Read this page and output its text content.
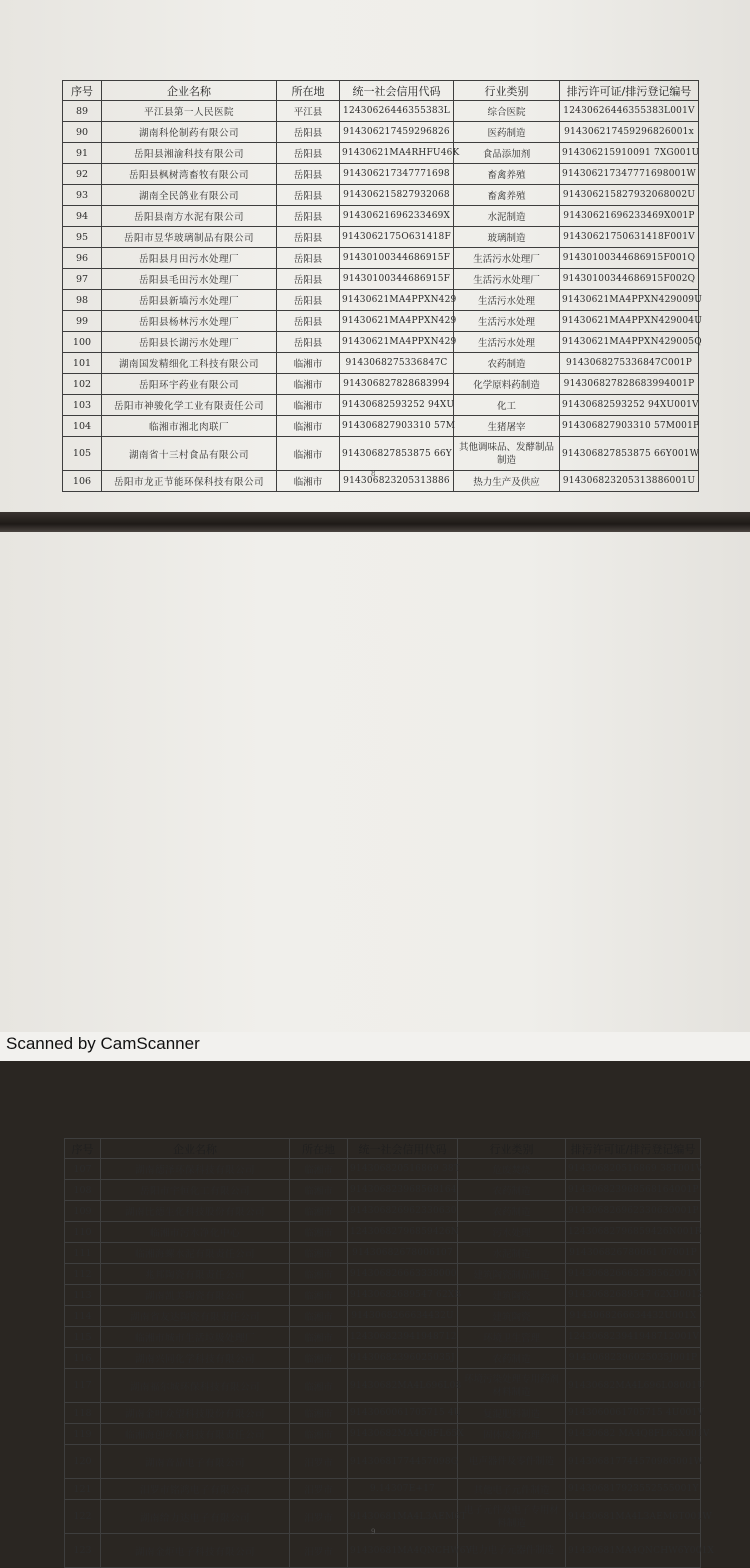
序号	企业名称	所在地	统一社会信用代码	行业类别	排污许可证/排污登记编号
89	平江县第一人民医院	平江县	12430626446355383L	综合医院	12430626446355383L001V
90	湖南科伦制药有限公司	岳阳县	914306217459296826	医药制造	914306217459296826001x
91	岳阳县湘渝科技有限公司	岳阳县	91430621MA4RHFU46K	食品添加剂	914306215910091 7XG001U
92	岳阳县枫树湾畜牧有限公司	岳阳县	914306217347771698	畜禽养殖	914306217347771698001W
93	湖南全民鸽业有限公司	岳阳县	914306215827932068	畜禽养殖	914306215827932068002U
94	岳阳县南方水泥有限公司	岳阳县	91430621696233469X	水泥制造	91430621696233469X001P
95	岳阳市昱华玻璃制品有限公司	岳阳县	9143062175O631418F	玻璃制造	91430621750631418F001V
96	岳阳县月田污水处理厂	岳阳县	91430100344686915F	生活污水处理厂	91430100344686915F001Q
97	岳阳县毛田污水处理厂	岳阳县	91430100344686915F	生活污水处理厂	91430100344686915F002Q
98	岳阳县新墙污水处理厂	岳阳县	91430621MA4PPXN429	生活污水处理	91430621MA4PPXN429009U
99	岳阳县杨林污水处理厂	岳阳县	91430621MA4PPXN429	生活污水处理	91430621MA4PPXN429004U
100	岳阳县长湖污水处理厂	岳阳县	91430621MA4PPXN429	生活污水处理	91430621MA4PPXN429005Q
101	湖南国发精细化工科技有限公司	临湘市	9143068275336847C	农药制造	9143068275336847C001P
102	岳阳环宇药业有限公司	临湘市	914306827828683994	化学原料药制造	914306827828683994001P
103	岳阳市神骏化学工业有限责任公司	临湘市	91430682593252 94XU	化工	91430682593252 94XU001V
104	临湘市湘北肉联厂	临湘市	914306827903310 57M	生猪屠宰	914306827903310 57M001P
105	湖南省十三村食品有限公司	临湘市	914306827853875 66Y	其他调味品、发酵制品制造	914306827853875 66Y001W
106	岳阳市龙正节能环保科技有限公司	临湘市	914306823205313886	热力生产及供应	914306823205313886001U
8
序号	企业名称	所在地	统一社会信用代码	行业类别	排污许可证/排污登记编号
107	湖南德泽环保科技有限公司	临湘市	914306820516869 38T	危废焚烧	914306820516869 38T001V
108	岳阳市宇恒化工有限公司	临湘市	914306823968568164	农药制造	914306823968568164001P
109	湖南比德生化科技股份有限公司	临湘市	914306826962330630	农药制造	914306826962330630001P
110	临湘市污水净化中心	临湘市	12430682796859426N	污水处理	12430682796859426N001R
111	临湘海螺水泥有限责任公司	临湘市	91430682678006107	水泥制造	914306826780061 07001P
112	兆邦陶瓷有限责任公司	临湘市	914306826663338000	建筑陶瓷制品制造	914306826663338562001V
113	湖南凯美陶瓷有限公司	临湘市	91430682689547 62XB	建筑陶瓷	91430682689547 62XB001Z
114	湖南省友达陶瓷有限责任公司	临湘市	9143068266634432U	建筑陶瓷	9143068266634432U001X
115	临湘市城市生活垃圾处理厂	临湘市	124306823941948712	环境卫生管理	124306823941948712001V
116	湖南兴同化学科技有限公司	临湘市	91430682396025035J	农药制造	91430682396025035J001P
117	湖南福尔城环保科技有限公司	临湘市	91430682MA4L696L08	环境污染处理专用药剂材料制造	91430682MA4L696L08001U
118	湖南金叶众望科技股份有限公司	临湘市	9143060061705715 4U	复混肥料制造	9143060061705715 4U001V
119	临湘海创环保科技有限责任公司	临湘市	91430682MA4Q8FL65X	固体废物治理	91430682 MA4Q8FL65X001V
120	湖南音品电子有限公司	汨罗市	91430681774457098G	电声器件及零件制造	91430681774457098G001W
121	汨罗市铭鸿电子有限公司	汨罗市	9.14307E+17	其他电子元件制造	914306817923552555001Y
122	湖南给力达电子有限公司	汨罗市	91430681MA4L3AEM6T	电子元件及电子专用材料制造	91430681MA4L3AEM6T001W
123	湖南金炬电子科技有限公司	汨罗市	91430681MA4QNCHW6Y	电力电子元器件制造	91430681MA4QNCHW6Y001X
9
Scanned by CamScanner
